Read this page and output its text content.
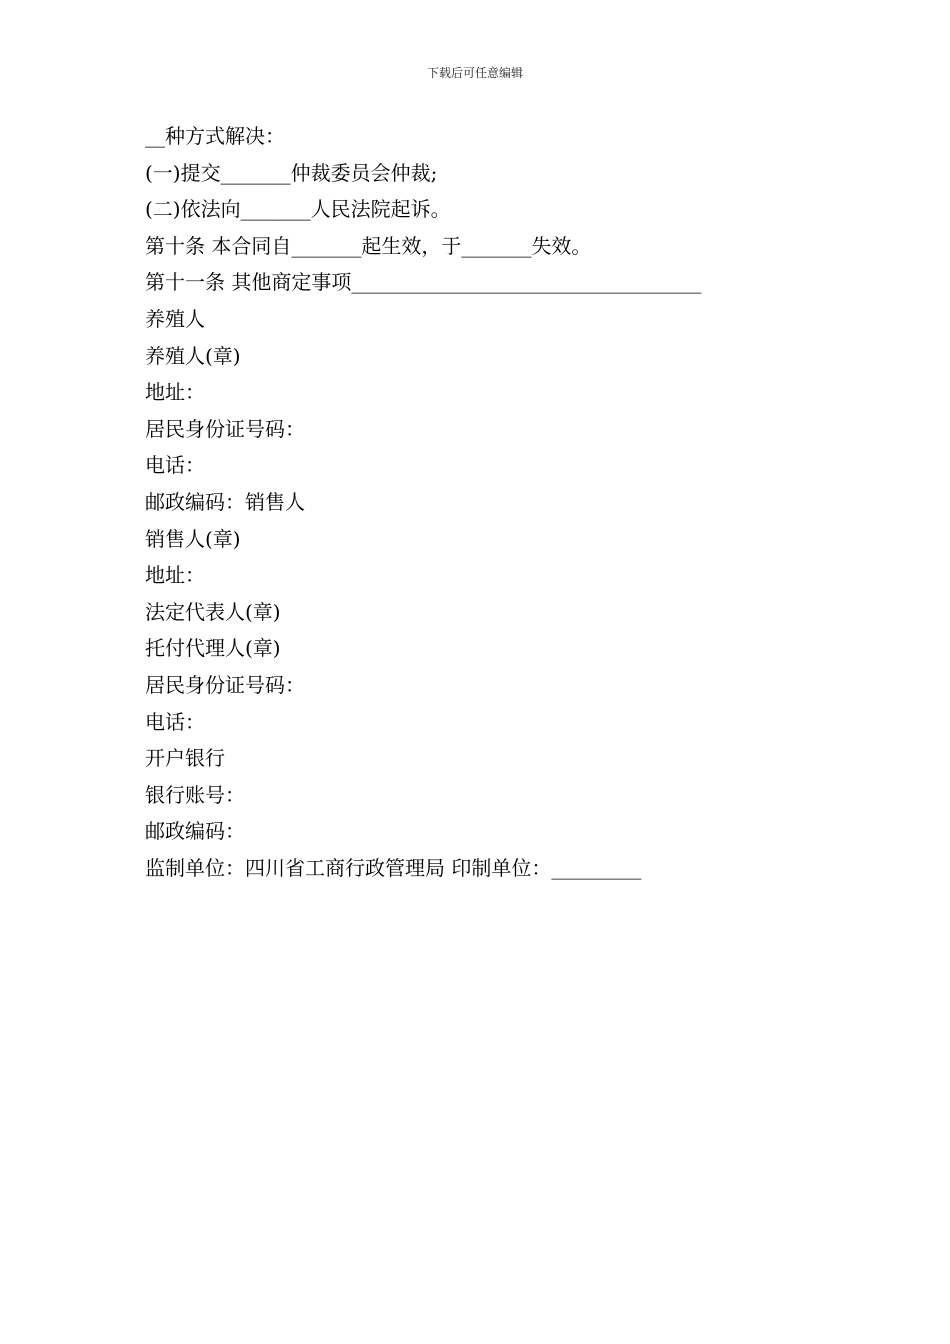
下载后可任意编辑
__种方式解决：
(一)提交_______仲裁委员会仲裁;
(二)依法向_______人民法院起诉。
第十条 本合同自_______起生效，于_______失效。
第十一条 其他商定事项___________________________________
养殖人
养殖人(章)
地址：
居民身份证号码：
电话：
邮政编码：销售人
销售人(章)
地址：
法定代表人(章)
托付代理人(章)
居民身份证号码：
电话：
开户银行
银行账号：
邮政编码：
监制单位：四川省工商行政管理局 印制单位：_________
